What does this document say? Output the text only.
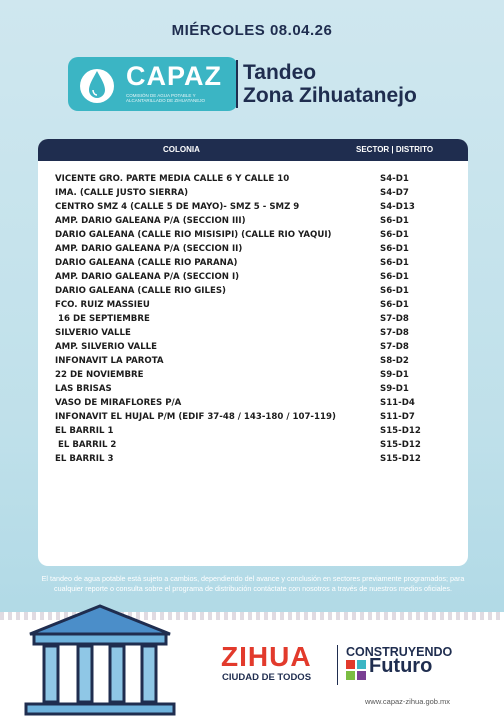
MIÉRCOLES 08.04.26
CAPAZ
COMISIÓN DE AGUA POTABLE Y ALCANTARILLADO DE ZIHUATANEJO
Tandeo
Zona Zihuatanejo
COLONIA	SECTOR | DISTRITO
VICENTE GRO. PARTE MEDIA CALLE 6 Y CALLE 10	S4-D1
IMA. (CALLE JUSTO SIERRA)	S4-D7
CENTRO SMZ 4 (CALLE 5 DE MAYO)- SMZ 5 - SMZ 9	S4-D13
AMP. DARIO GALEANA P/A (SECCION III)	S6-D1
DARIO GALEANA (CALLE RIO MISISIPI) (CALLE RIO YAQUI)	S6-D1
AMP. DARIO GALEANA P/A (SECCION II)	S6-D1
DARIO GALEANA (CALLE RIO PARANA)	S6-D1
AMP. DARIO GALEANA P/A (SECCION I)	S6-D1
DARIO GALEANA (CALLE RIO GILES)	S6-D1
FCO. RUIZ MASSIEU	S6-D1
16 DE SEPTIEMBRE	S7-D8
SILVERIO VALLE	S7-D8
AMP. SILVERIO VALLE	S7-D8
INFONAVIT LA PAROTA	S8-D2
22 DE NOVIEMBRE	S9-D1
LAS BRISAS	S9-D1
VASO DE MIRAFLORES P/A	S11-D4
INFONAVIT EL HUJAL P/M (EDIF 37-48 / 143-180 / 107-119)	S11-D7
EL BARRIL 1	S15-D12
EL BARRIL 2	S15-D12
EL BARRIL 3	S15-D12
El tandeo de agua potable está sujeto a cambios, dependiendo del avance y conclusión en sectores previamente programados; para cualquier reporte o consulta sobre el programa de distribución contáctate con nosotros a través de nuestros medios oficiales.
ZIHUA
CIUDAD DE TODOS
CONSTRUYENDO
Futuro
www.capaz-zihua.gob.mx
